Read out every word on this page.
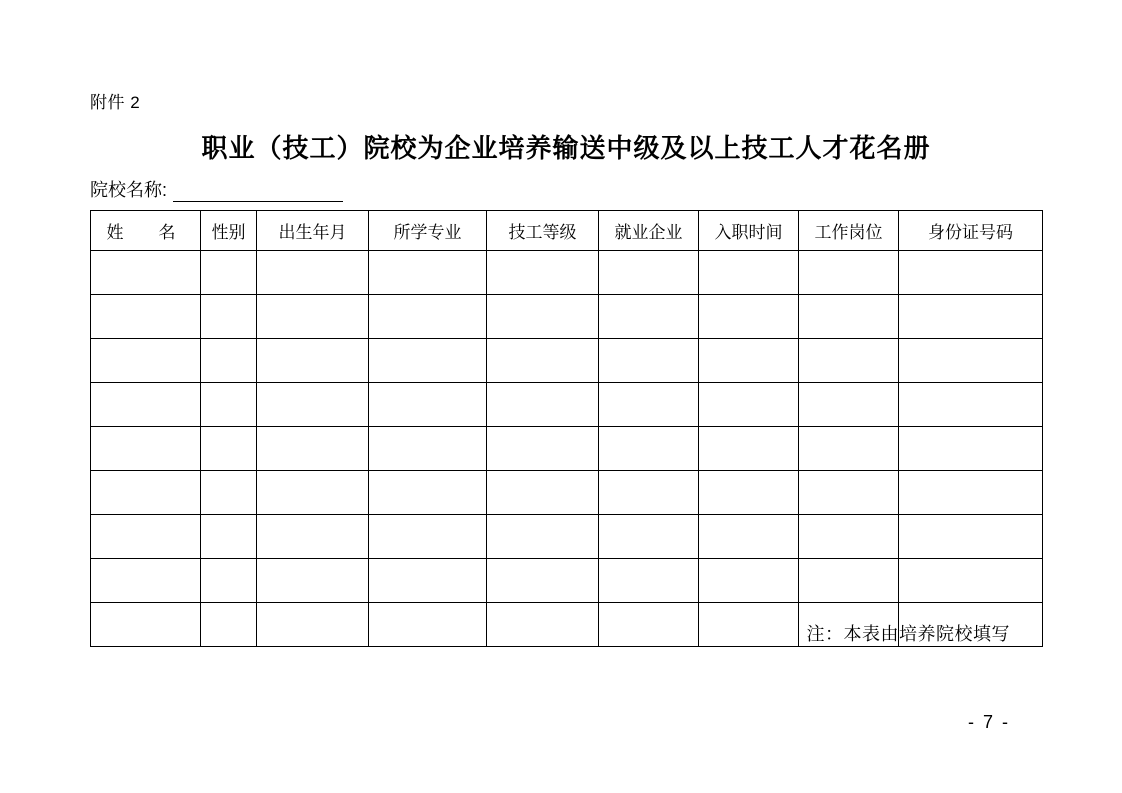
附件 2
职业（技工）院校为企业培养输送中级及以上技工人才花名册
院校名称:
姓　名	性别	出生年月	所学专业	技工等级	就业企业	入职时间	工作岗位	身份证号码

注：本表由培养院校填写
- 7 -
